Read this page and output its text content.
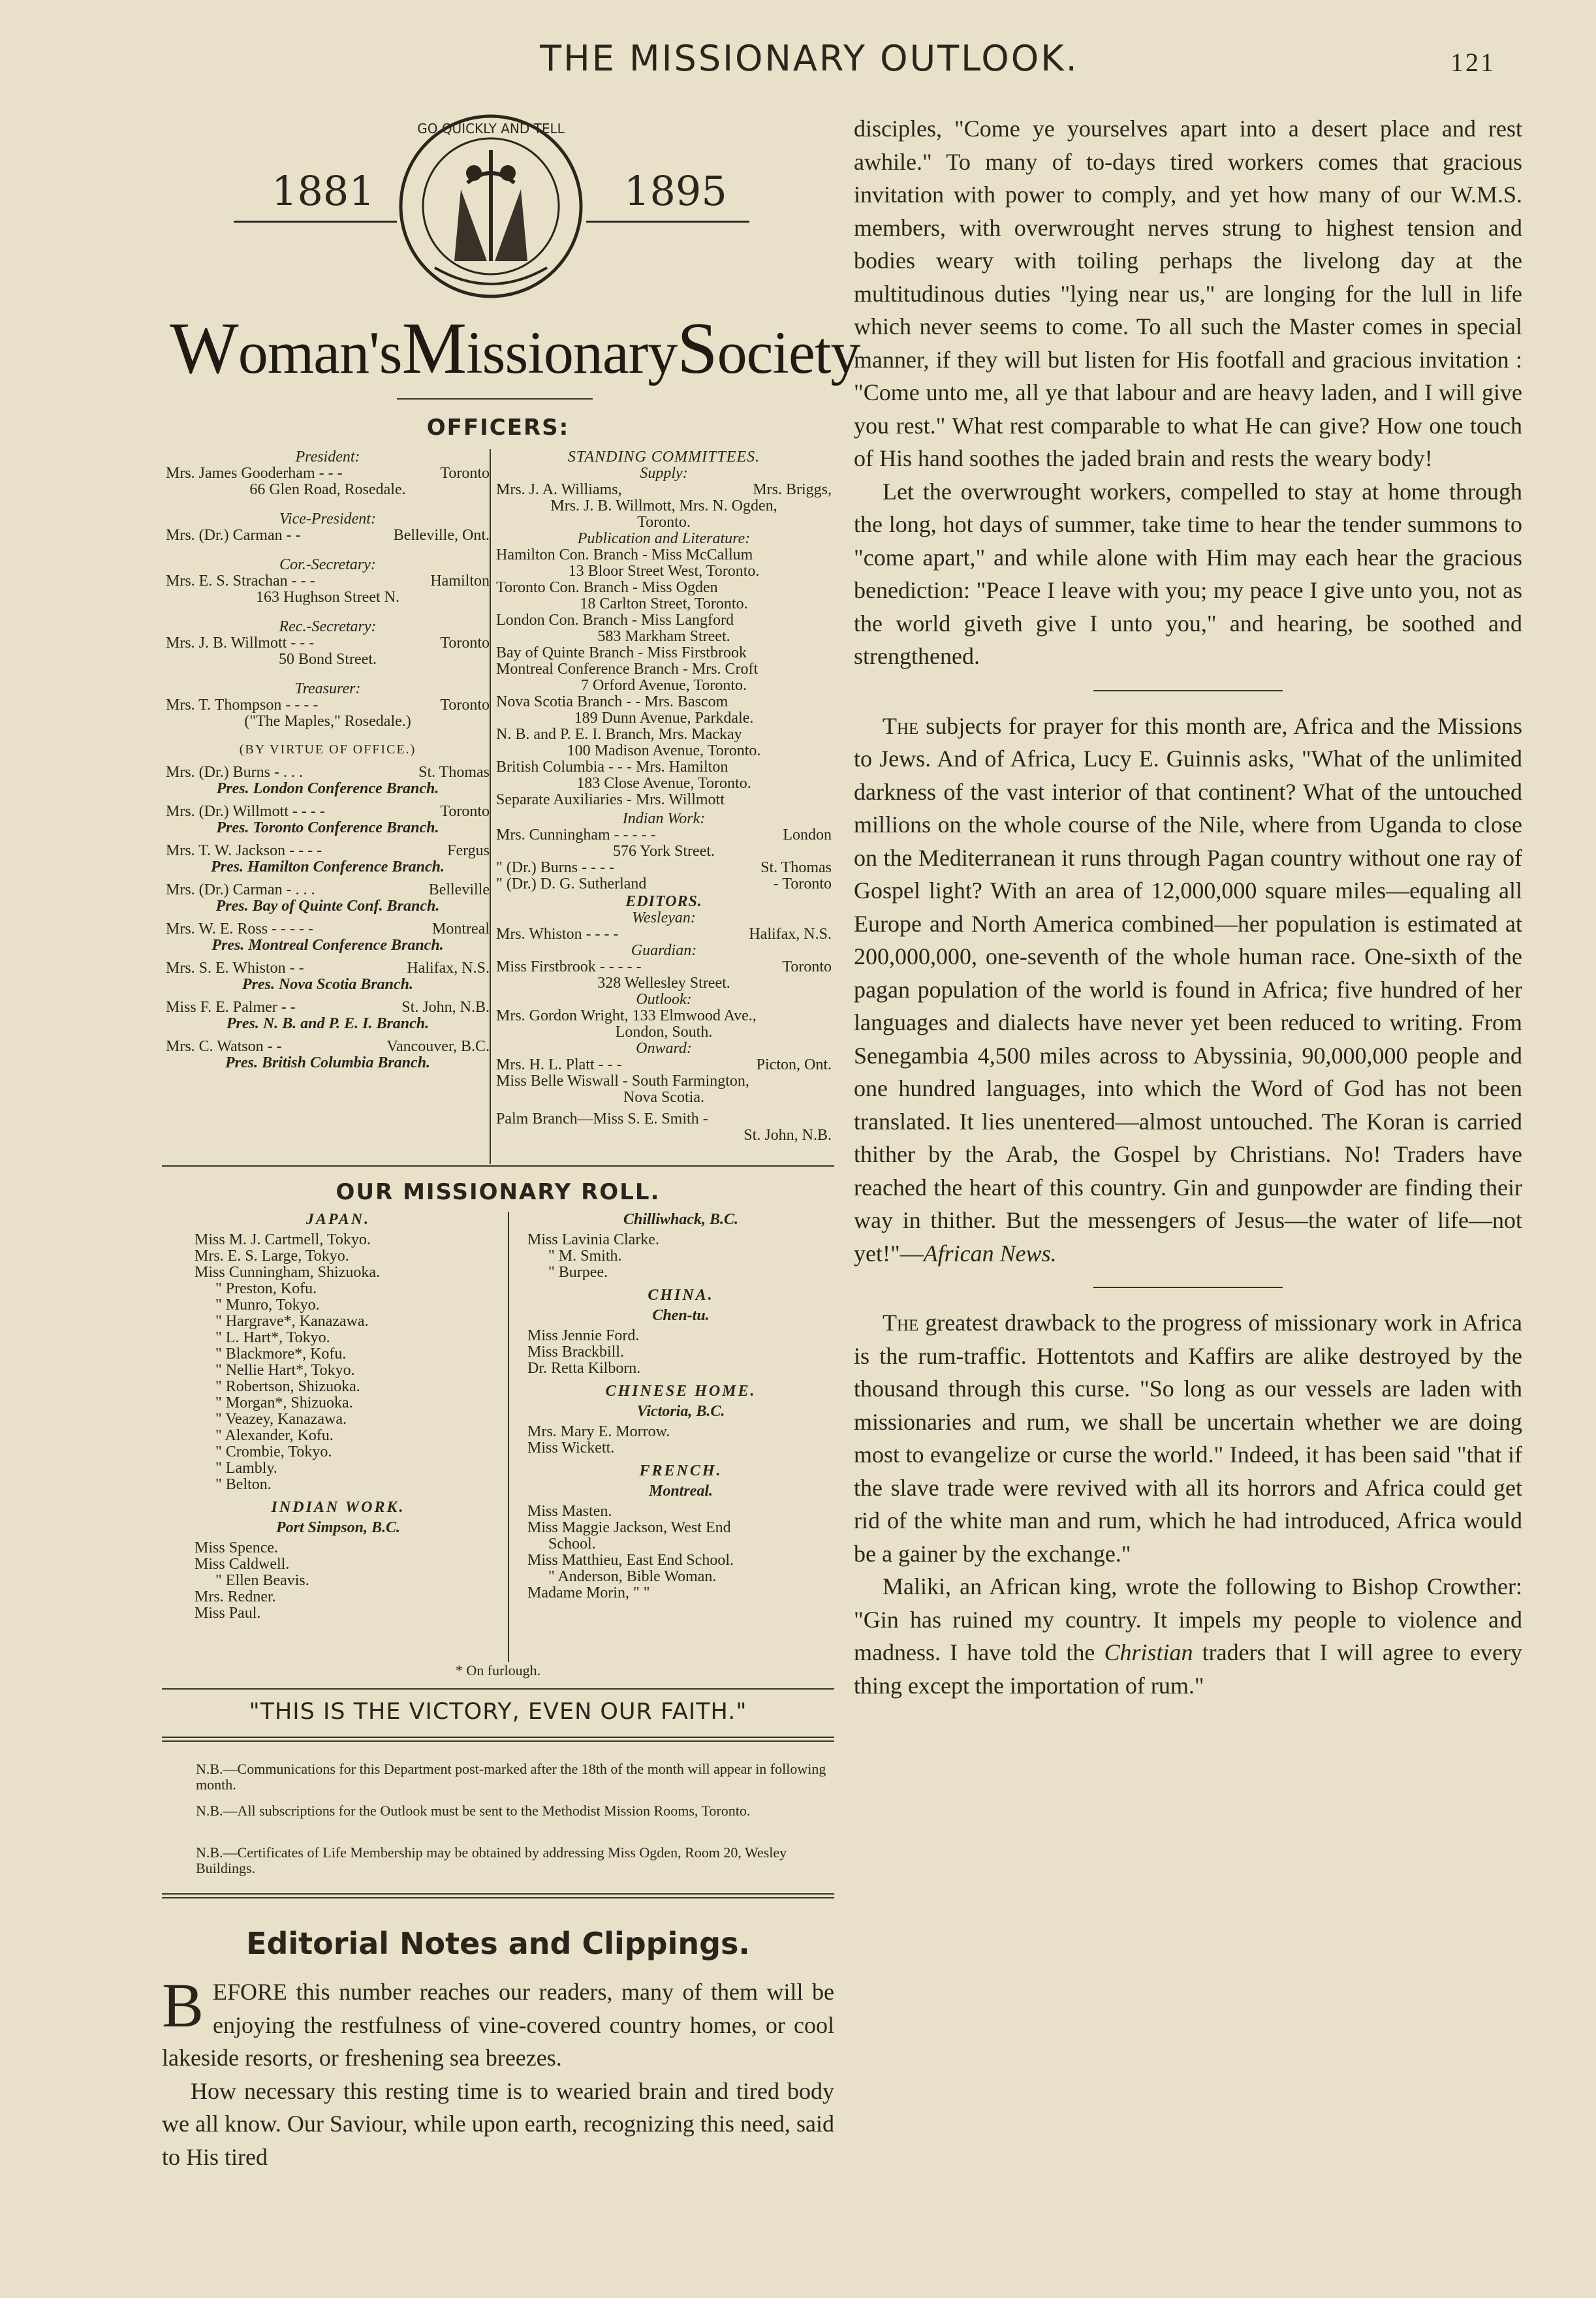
THE MISSIONARY OUTLOOK.	121
1881	1895
GO QUICKLY AND TELL
Woman'sMissionarySociety
OFFICERS:
President:
Mrs. James Gooderham - - -	Toronto
66 Glen Road, Rosedale.
Vice-President:
Mrs. (Dr.) Carman - -	Belleville, Ont.
Cor.-Secretary:
Mrs. E. S. Strachan - - -	Hamilton
163 Hughson Street N.
Rec.-Secretary:
Mrs. J. B. Willmott - - -	Toronto
50 Bond Street.
Treasurer:
Mrs. T. Thompson - - - -	Toronto
("The Maples," Rosedale.)
(BY VIRTUE OF OFFICE.)
Mrs. (Dr.) Burns - . . .	St. Thomas
Pres. London Conference Branch.
Mrs. (Dr.) Willmott - - - -	Toronto
Pres. Toronto Conference Branch.
Mrs. T. W. Jackson - - - -	Fergus
Pres. Hamilton Conference Branch.
Mrs. (Dr.) Carman - . . .	Belleville
Pres. Bay of Quinte Conf. Branch.
Mrs. W. E. Ross - - - - -	Montreal
Pres. Montreal Conference Branch.
Mrs. S. E. Whiston - -	Halifax, N.S.
Pres. Nova Scotia Branch.
Miss F. E. Palmer - -	St. John, N.B.
Pres. N. B. and P. E. I. Branch.
Mrs. C. Watson - -	Vancouver, B.C.
Pres. British Columbia Branch.
STANDING COMMITTEES.
Supply:
Mrs. J. A. Williams,	Mrs. Briggs,
Mrs. J. B. Willmott, Mrs. N. Ogden,
Toronto.
Publication and Literature:
Hamilton Con. Branch - Miss McCallum
13 Bloor Street West, Toronto.
Toronto Con. Branch - Miss Ogden
18 Carlton Street, Toronto.
London Con. Branch - Miss Langford
583 Markham Street.
Bay of Quinte Branch - Miss Firstbrook
Montreal Conference Branch - Mrs. Croft
7 Orford Avenue, Toronto.
Nova Scotia Branch - - Mrs. Bascom
189 Dunn Avenue, Parkdale.
N. B. and P. E. I. Branch, Mrs. Mackay
100 Madison Avenue, Toronto.
British Columbia - - - Mrs. Hamilton
183 Close Avenue, Toronto.
Separate Auxiliaries - Mrs. Willmott
Indian Work:
Mrs. Cunningham - - - - -	London
576 York Street.
" (Dr.) Burns - - - -	St. Thomas
" (Dr.) D. G. Sutherland	- Toronto
EDITORS.
Wesleyan:
Mrs. Whiston - - - -	Halifax, N.S.
Guardian:
Miss Firstbrook - - - - -	Toronto
328 Wellesley Street.
Outlook:
Mrs. Gordon Wright, 133 Elmwood Ave.,
London, South.
Onward:
Mrs. H. L. Platt - - -	Picton, Ont.
Miss Belle Wiswall - South Farmington,
Nova Scotia.
Palm Branch—Miss S. E. Smith -
St. John, N.B.
OUR MISSIONARY ROLL.
JAPAN.
Miss M. J. Cartmell, Tokyo.
Mrs. E. S. Large, Tokyo.
Miss Cunningham, Shizuoka.
" Preston, Kofu.
" Munro, Tokyo.
" Hargrave*, Kanazawa.
" L. Hart*, Tokyo.
" Blackmore*, Kofu.
" Nellie Hart*, Tokyo.
" Robertson, Shizuoka.
" Morgan*, Shizuoka.
" Veazey, Kanazawa.
" Alexander, Kofu.
" Crombie, Tokyo.
" Lambly.
" Belton.
INDIAN WORK.
Port Simpson, B.C.
Miss Spence.
Miss Caldwell.
" Ellen Beavis.
Mrs. Redner.
Miss Paul.
Chilliwhack, B.C.
Miss Lavinia Clarke.
" M. Smith.
" Burpee.
CHINA.
Chen-tu.
Miss Jennie Ford.
Miss Brackbill.
Dr. Retta Kilborn.
CHINESE HOME.
Victoria, B.C.
Mrs. Mary E. Morrow.
Miss Wickett.
FRENCH.
Montreal.
Miss Masten.
Miss Maggie Jackson, West End
School.
Miss Matthieu, East End School.
" Anderson, Bible Woman.
Madame Morin, " "
* On furlough.
"THIS IS THE VICTORY, EVEN OUR FAITH."
N.B.—Communications for this Department post-marked after the 18th of the month will appear in following month.
N.B.—All subscriptions for the Outlook must be sent to the Methodist Mission Rooms, Toronto.
N.B.—Certificates of Life Membership may be obtained by addressing Miss Ogden, Room 20, Wesley Buildings.
Editorial Notes and Clippings.

BEFORE this number reaches our readers, many of them will be enjoying the restfulness of vine-covered country homes, or cool lakeside resorts, or freshening sea breezes.

How necessary this resting time is to wearied brain and tired body we all know. Our Saviour, while upon earth, recognizing this need, said to His tired

disciples, "Come ye yourselves apart into a desert place and rest awhile." To many of to-days tired workers comes that gracious invitation with power to comply, and yet how many of our W.M.S. members, with overwrought nerves strung to highest tension and bodies weary with toiling perhaps the livelong day at the multitudinous duties "lying near us," are longing for the lull in life which never seems to come. To all such the Master comes in special manner, if they will but listen for His footfall and gracious invitation : "Come unto me, all ye that labour and are heavy laden, and I will give you rest." What rest comparable to what He can give? How one touch of His hand soothes the jaded brain and rests the weary body!

Let the overwrought workers, compelled to stay at home through the long, hot days of summer, take time to hear the tender summons to "come apart," and while alone with Him may each hear the gracious benediction: "Peace I leave with you; my peace I give unto you, not as the world giveth give I unto you," and hearing, be soothed and strengthened.

The subjects for prayer for this month are, Africa and the Missions to Jews. And of Africa, Lucy E. Guinnis asks, "What of the unlimited darkness of the vast interior of that continent? What of the untouched millions on the whole course of the Nile, where from Uganda to close on the Mediterranean it runs through Pagan country without one ray of Gospel light? With an area of 12,000,000 square miles—equaling all Europe and North America combined—her population is estimated at 200,000,000, one-seventh of the whole human race. One-sixth of the pagan population of the world is found in Africa; five hundred of her languages and dialects have never yet been reduced to writing. From Senegambia 4,500 miles across to Abyssinia, 90,000,000 people and one hundred languages, into which the Word of God has not been translated. It lies unentered—almost untouched. The Koran is carried thither by the Arab, the Gospel by Christians. No! Traders have reached the heart of this country. Gin and gunpowder are finding their way in thither. But the messengers of Jesus—the water of life—not yet!"—African News.

The greatest drawback to the progress of missionary work in Africa is the rum-traffic. Hottentots and Kaffirs are alike destroyed by the thousand through this curse. "So long as our vessels are laden with missionaries and rum, we shall be uncertain whether we are doing most to evangelize or curse the world." Indeed, it has been said "that if the slave trade were revived with all its horrors and Africa could get rid of the white man and rum, which he had introduced, Africa would be a gainer by the exchange."

Maliki, an African king, wrote the following to Bishop Crowther: "Gin has ruined my country. It impels my people to violence and madness. I have told the Christian traders that I will agree to every thing except the importation of rum."
